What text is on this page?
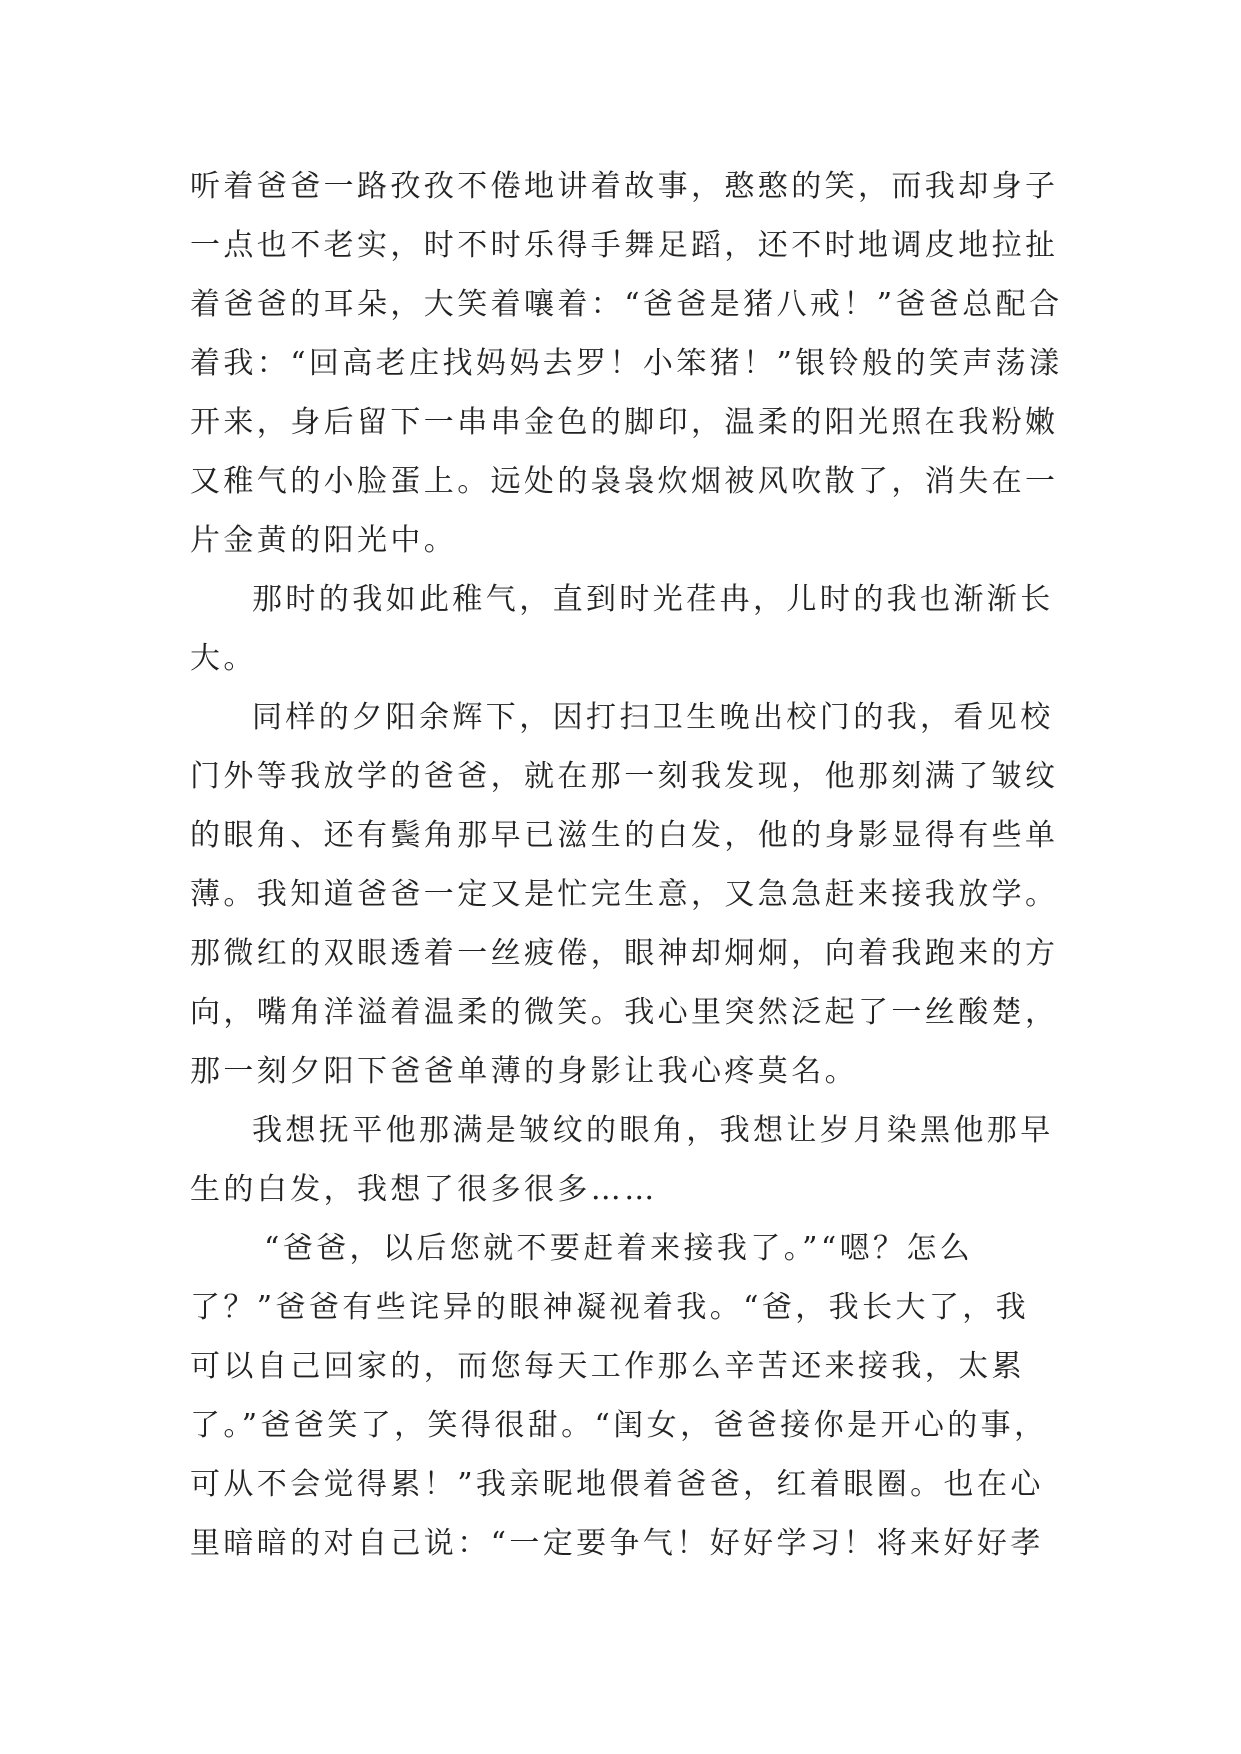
听着爸爸一路孜孜不倦地讲着故事，憨憨的笑，而我却身子
一点也不老实，时不时乐得手舞足蹈，还不时地调皮地拉扯
着爸爸的耳朵，大笑着嚷着：“爸爸是猪八戒！”爸爸总配合
着我：“回高老庄找妈妈去罗！小笨猪！”银铃般的笑声荡漾
开来，身后留下一串串金色的脚印，温柔的阳光照在我粉嫩
又稚气的小脸蛋上。远处的袅袅炊烟被风吹散了，消失在一
片金黄的阳光中。
那时的我如此稚气，直到时光荏冉，儿时的我也渐渐长
大。
同样的夕阳余辉下，因打扫卫生晚出校门的我，看见校
门外等我放学的爸爸，就在那一刻我发现，他那刻满了皱纹
的眼角、还有鬓角那早已滋生的白发，他的身影显得有些单
薄。我知道爸爸一定又是忙完生意，又急急赶来接我放学。
那微红的双眼透着一丝疲倦，眼神却炯炯，向着我跑来的方
向，嘴角洋溢着温柔的微笑。我心里突然泛起了一丝酸楚，
那一刻夕阳下爸爸单薄的身影让我心疼莫名。
我想抚平他那满是皱纹的眼角，我想让岁月染黑他那早
生的白发，我想了很多很多……
“爸爸，以后您就不要赶着来接我了。”“嗯？怎么
了？”爸爸有些诧异的眼神凝视着我。“爸，我长大了，我
可以自己回家的，而您每天工作那么辛苦还来接我，太累
了。”爸爸笑了，笑得很甜。“闺女，爸爸接你是开心的事，
可从不会觉得累！”我亲昵地偎着爸爸，红着眼圈。也在心
里暗暗的对自己说：“一定要争气！好好学习！将来好好孝
